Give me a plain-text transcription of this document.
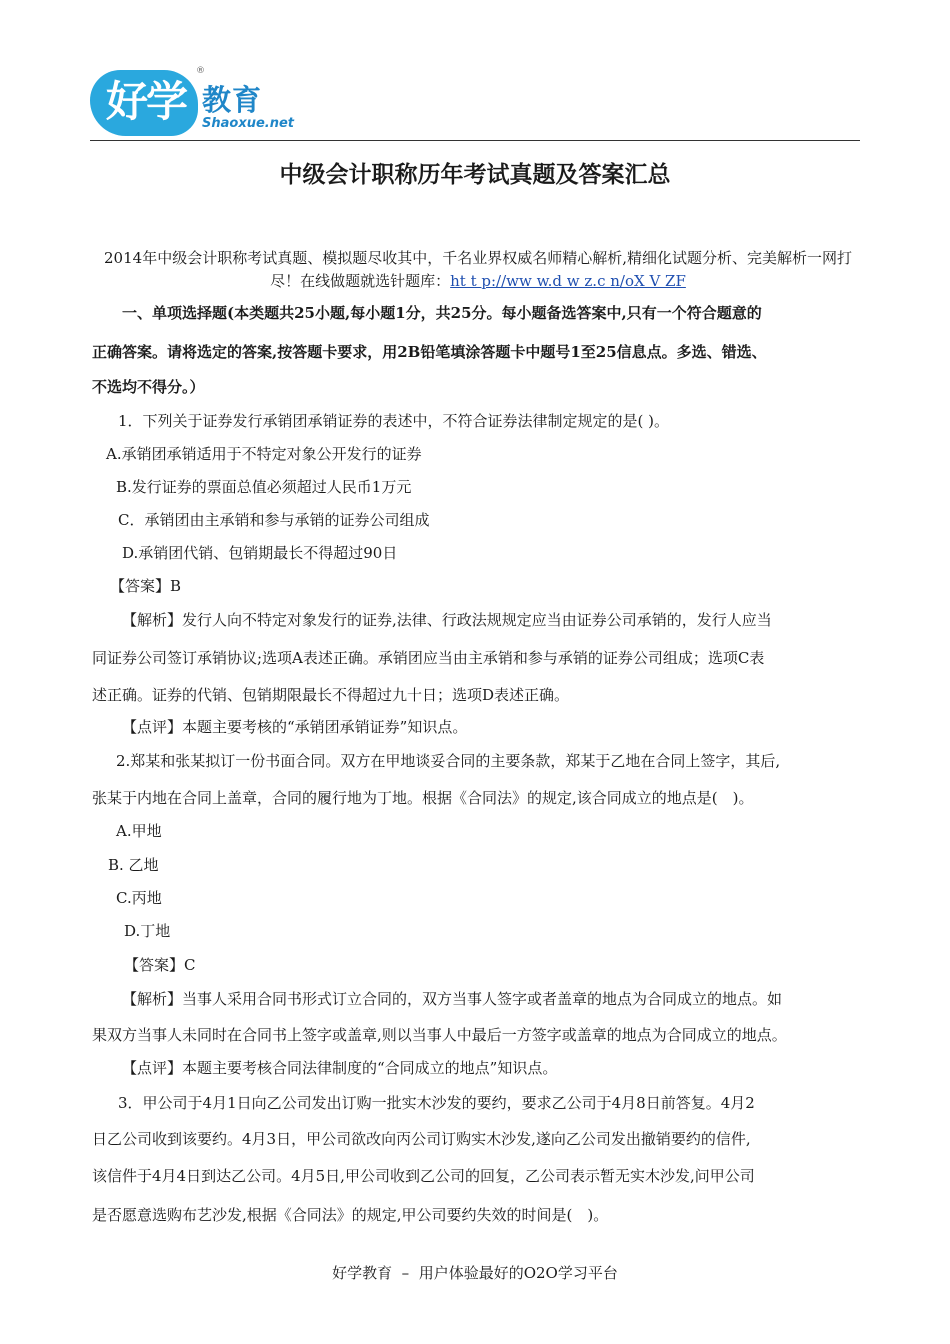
好学
®
教育
Shaoxue.net
中级会计职称历年考试真题及答案汇总
2014年中级会计职称考试真题、模拟题尽收其中，千名业界权威名师精心解析,精细化试题分析、完美解析一网打尽！在线做题就选针题库：ht t p://ww w.d w z.c n/oX V ZF
一、单项选择题(本类题共25小题,每小题1分，共25分。每小题备选答案中,只有一个符合题意的
正确答案。请将选定的答案,按答题卡要求，用2B铅笔填涂答题卡中题号1至25信息点。多选、错选、
不选均不得分。）
1．下列关于证券发行承销团承销证券的表述中，不符合证券法律制定规定的是( )。
A.承销团承销适用于不特定对象公开发行的证券
B.发行证券的票面总值必须超过人民币1万元
C．承销团由主承销和参与承销的证券公司组成
D.承销团代销、包销期最长不得超过90日
【答案】B
【解析】发行人向不特定对象发行的证券,法律、行政法规规定应当由证券公司承销的，发行人应当
同证券公司签订承销协议;选项A表述正确。承销团应当由主承销和参与承销的证券公司组成；选项C表
述正确。证券的代销、包销期限最长不得超过九十日；选项D表述正确。
【点评】本题主要考核的“承销团承销证券”知识点。
2.郑某和张某拟订一份书面合同。双方在甲地谈妥合同的主要条款，郑某于乙地在合同上签字，其后,
张某于内地在合同上盖章，合同的履行地为丁地。根据《合同法》的规定,该合同成立的地点是(　)。
A.甲地
B. 乙地
C.丙地
D.丁地
【答案】C
【解析】当事人采用合同书形式订立合同的，双方当事人签字或者盖章的地点为合同成立的地点。如
果双方当事人未同时在合同书上签字或盖章,则以当事人中最后一方签字或盖章的地点为合同成立的地点。
【点评】本题主要考核合同法律制度的“合同成立的地点”知识点。
3．甲公司于4月1日向乙公司发出订购一批实木沙发的要约，要求乙公司于4月8日前答复。4月2
日乙公司收到该要约。4月3日，甲公司欲改向丙公司订购实木沙发,遂向乙公司发出撤销要约的信件,
该信件于4月4日到达乙公司。4月5日,甲公司收到乙公司的回复，乙公司表示暂无实木沙发,问甲公司
是否愿意选购布艺沙发,根据《合同法》的规定,甲公司要约失效的时间是(　)。
好学教育  –  用户体验最好的O2O学习平台
